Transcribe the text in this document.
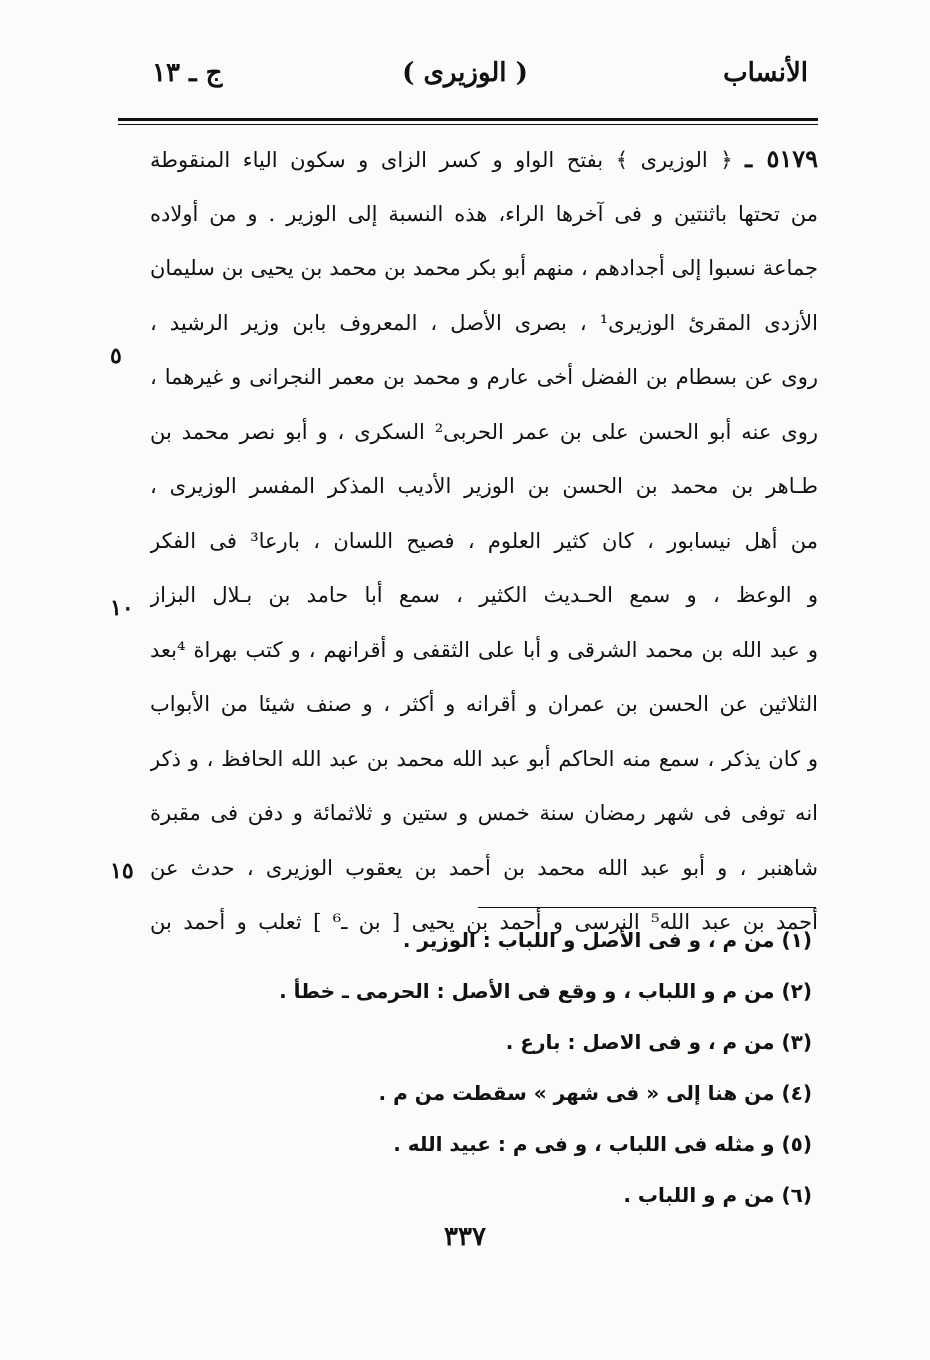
الأنساب
( الوزیری )
ج ـ ١٣
٥١٧٩ ـ ﴿ الوزیری ﴾ بفتح الواو و کسر الزای و سکون الیاء المنقوطة
من تحتها باثنتین و فی آخرها الراء، هذه النسبة إلی الوزیر . و من أولاده
جماعة نسبوا إلی أجدادهم ، منهم أبو بکر محمد بن محمد بن یحیی بن سلیمان
الأزدی المقرئ الوزیری¹ ، بصری الأصل ، المعروف بابن وزیر الرشید ،
روی عن بسطام بن الفضل أخی عارم و محمد بن معمر النجرانی و غیرهما ،
روی عنه أبو الحسن علی بن عمر الحربی² السکری ، و أبو نصر محمد بن
طـاهر بن محمد بن الحسن بن الوزیر الأدیب المذکر المفسر الوزیری ،
من أهل نیسابور ، کان کثیر العلوم ، فصیح اللسان ، بارعا³ فی الفکر
و الوعظ ، و سمع الحـدیث الکثیر ، سمع أبا حامد بن بـلال البزاز
و عبد الله بن محمد الشرقی و أبا علی الثقفی و أقرانهم ، و کتب بهراة ⁴بعد
الثلاثین عن الحسن بن عمران و أقرانه و أکثر ، و صنف شیئا من الأبواب
و کان یذکر ، سمع منه الحاکم أبو عبد الله محمد بن عبد الله الحافظ ، و ذکر
انه توفی فی شهر رمضان سنة خمس و ستین و ثلاثمائة و دفن فی مقبرة
شاهنبر ، و أبو عبد الله محمد بن أحمد بن یعقوب الوزیری ، حدث عن
أحمد بن عبد الله⁵ النرسی و أحمد بن یحیی [ بن ـ⁶ ] ثعلب و أحمد بن
٥
١٠
١٥
(١) من م ، و فی الأصل و اللباب : الوزیر .
(٢) من م و اللباب ، و وقع فی الأصل : الحرمی ـ خطأ .
(٣) من م ، و فی الاصل : بارع .
(٤) من هنا إلی « فی شهر » سقطت من م .
(٥) و مثله فی اللباب ، و فی م : عبید الله .
(٦) من م و اللباب .
٣٣٧
